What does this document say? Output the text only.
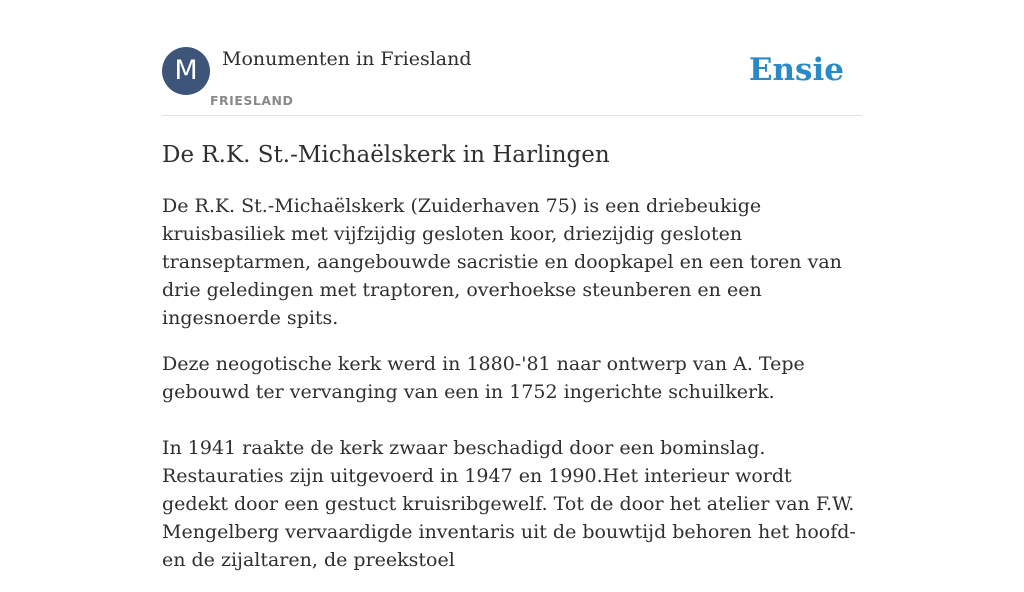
M	Monumenten in Friesland
FRIESLAND
Ensie
De R.K. St.-Michaëlskerk in Harlingen

De R.K. St.-Michaëlskerk (Zuiderhaven 75) is een driebeukige kruisbasiliek met vijfzijdig gesloten koor, driezijdig gesloten transeptarmen, aangebouwde sacristie en doopkapel en een toren van drie geledingen met traptoren, overhoekse steunberen en een ingesnoerde spits.

Deze neogotische kerk werd in 1880-'81 naar ontwerp van A. Tepe gebouwd ter vervanging van een in 1752 ingerichte schuilkerk.

In 1941 raakte de kerk zwaar beschadigd door een bominslag. Restauraties zijn uitgevoerd in 1947 en 1990.Het interieur wordt gedekt door een gestuct kruisribgewelf. Tot de door het atelier van F.W. Mengelberg vervaardigde inventaris uit de bouwtijd behoren het hoofd- en de zijaltaren, de preekstoel
